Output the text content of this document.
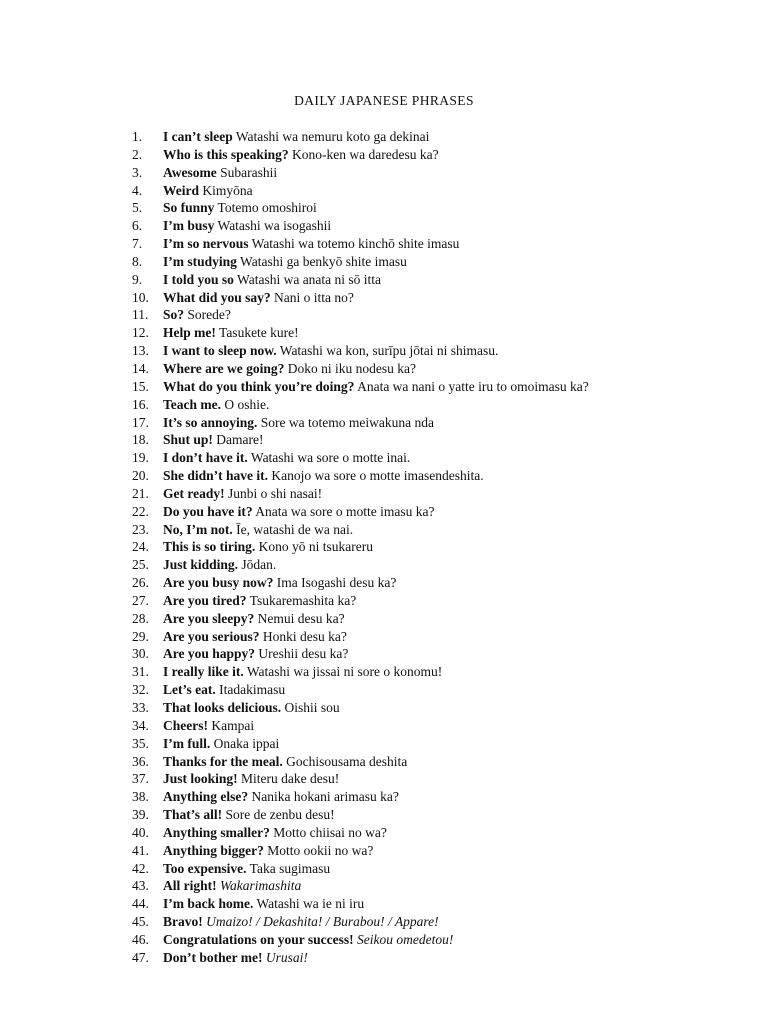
DAILY JAPANESE PHRASES
1. I can’t sleep Watashi wa nemuru koto ga dekinai
2. Who is this speaking? Kono-ken wa daredesu ka?
3. Awesome Subarashii
4. Weird Kimyōna
5. So funny Totemo omoshiroi
6. I’m busy Watashi wa isogashii
7. I’m so nervous Watashi wa totemo kinchō shite imasu
8. I’m studying Watashi ga benkyō shite imasu
9. I told you so Watashi wa anata ni sō itta
10. What did you say? Nani o itta no?
11. So? Sorede?
12. Help me! Tasukete kure!
13. I want to sleep now. Watashi wa kon, surīpu jōtai ni shimasu.
14. Where are we going? Doko ni iku nodesu ka?
15. What do you think you’re doing? Anata wa nani o yatte iru to omoimasu ka?
16. Teach me. O oshie.
17. It’s so annoying. Sore wa totemo meiwakuna nda
18. Shut up! Damare!
19. I don’t have it. Watashi wa sore o motte inai.
20. She didn’t have it. Kanojo wa sore o motte imasendeshita.
21. Get ready! Junbi o shi nasai!
22. Do you have it? Anata wa sore o motte imasu ka?
23. No, I’m not. Īe, watashi de wa nai.
24. This is so tiring. Kono yō ni tsukareru
25. Just kidding. Jōdan.
26. Are you busy now? Ima Isogashi desu ka?
27. Are you tired? Tsukaremashita ka?
28. Are you sleepy? Nemui desu ka?
29. Are you serious? Honki desu ka?
30. Are you happy? Ureshii desu ka?
31. I really like it. Watashi wa jissai ni sore o konomu!
32. Let’s eat. Itadakimasu
33. That looks delicious. Oishii sou
34. Cheers! Kampai
35. I’m full. Onaka ippai
36. Thanks for the meal. Gochisousama deshita
37. Just looking! Miteru dake desu!
38. Anything else? Nanika hokani arimasu ka?
39. That’s all! Sore de zenbu desu!
40. Anything smaller? Motto chiisai no wa?
41. Anything bigger? Motto ookii no wa?
42. Too expensive. Taka sugimasu
43. All right! Wakarimashita
44. I’m back home. Watashi wa ie ni iru
45. Bravo! Umaizo! / Dekashita! / Burabou! / Appare!
46. Congratulations on your success! Seikou omedetou!
47. Don’t bother me! Urusai!
